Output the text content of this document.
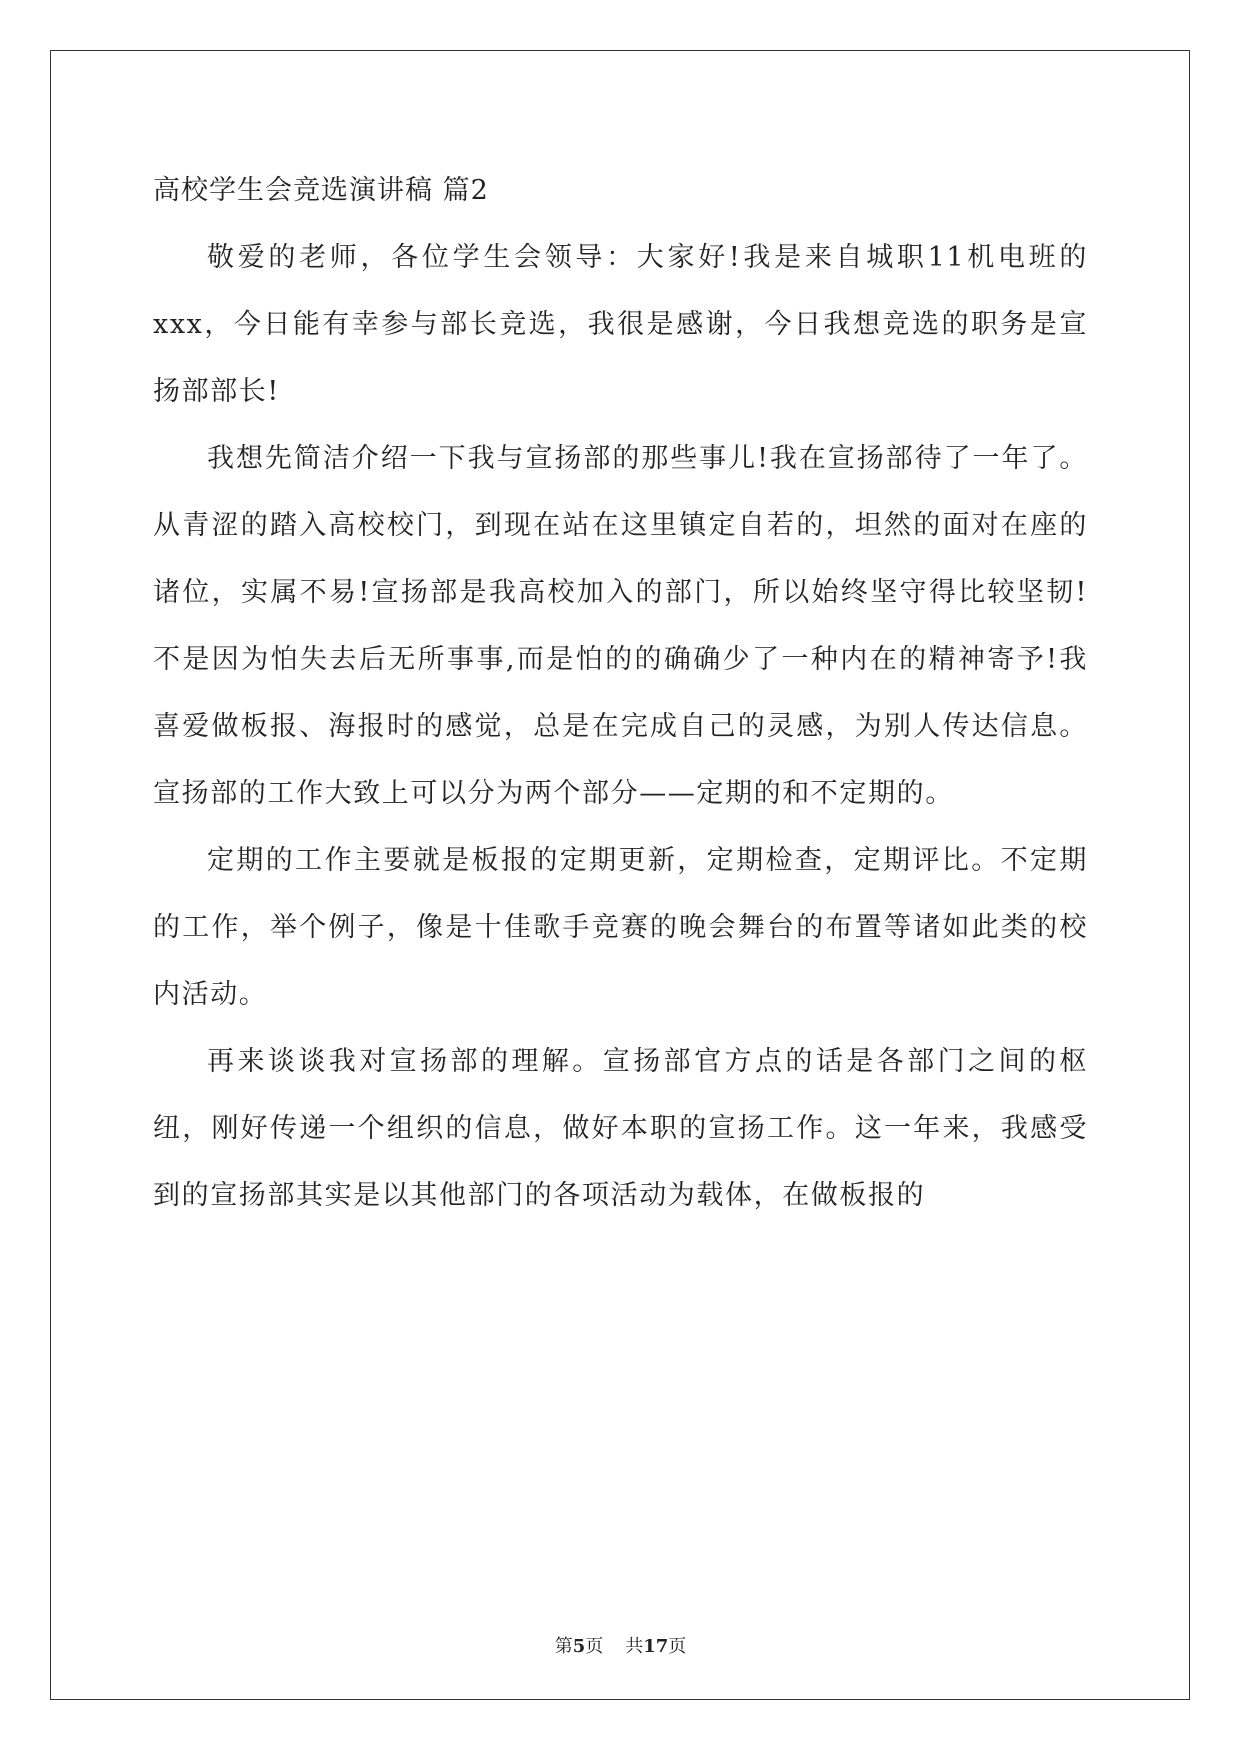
高校学生会竞选演讲稿 篇2

敬爱的老师，各位学生会领导：大家好!我是来自城职11机电班的xxx，今日能有幸参与部长竞选，我很是感谢，今日我想竞选的职务是宣扬部部长!

我想先简洁介绍一下我与宣扬部的那些事儿!我在宣扬部待了一年了。从青涩的踏入高校校门，到现在站在这里镇定自若的，坦然的面对在座的诸位，实属不易!宣扬部是我高校加入的部门，所以始终坚守得比较坚韧!不是因为怕失去后无所事事,而是怕的的确确少了一种内在的精神寄予!我喜爱做板报、海报时的感觉，总是在完成自己的灵感，为别人传达信息。宣扬部的工作大致上可以分为两个部分——定期的和不定期的。

定期的工作主要就是板报的定期更新，定期检查，定期评比。不定期的工作，举个例子，像是十佳歌手竞赛的晚会舞台的布置等诸如此类的校内活动。

再来谈谈我对宣扬部的理解。宣扬部官方点的话是各部门之间的枢纽，刚好传递一个组织的信息，做好本职的宣扬工作。这一年来，我感受到的宣扬部其实是以其他部门的各项活动为载体，在做板报的

第5页 共17页
